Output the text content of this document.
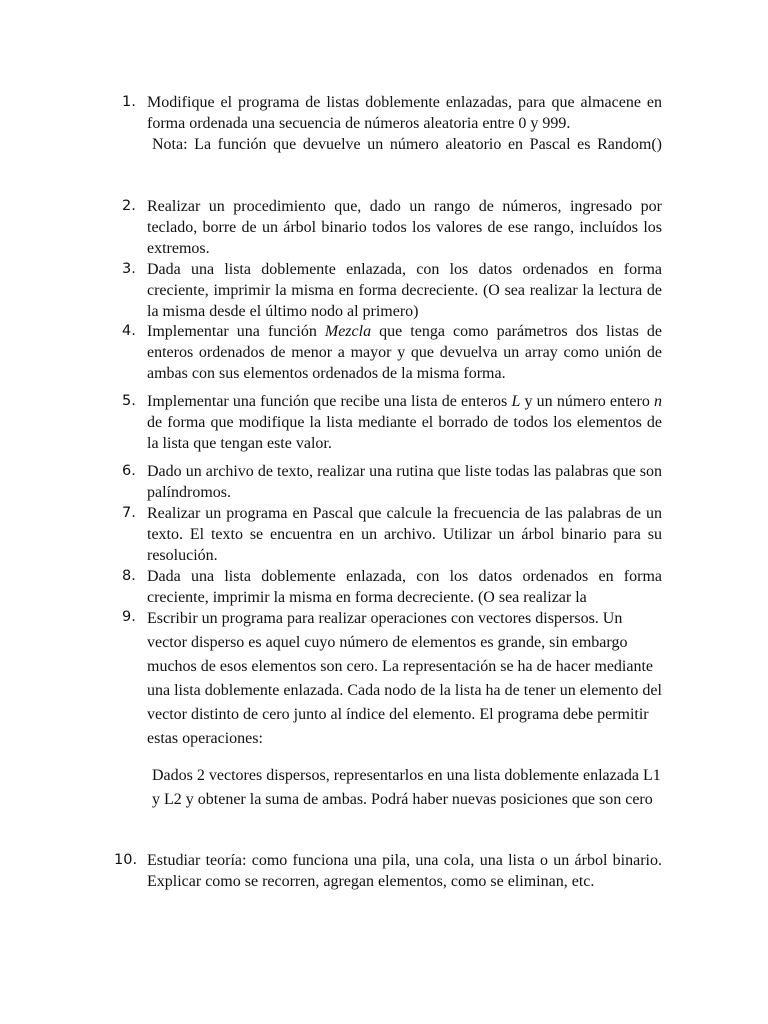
1. Modifique el programa de listas doblemente enlazadas, para que almacene en forma ordenada una secuencia de números aleatoria entre 0 y 999.
Nota: La función que devuelve un número aleatorio en Pascal es Random()
2. Realizar un procedimiento que, dado un rango de números, ingresado por teclado, borre de un árbol binario todos los valores de ese rango, incluídos los extremos.
3. Dada una lista doblemente enlazada, con los datos ordenados en forma creciente, imprimir la misma en forma decreciente. (O sea realizar la lectura de la misma desde el último nodo al primero)
4. Implementar una función Mezcla que tenga como parámetros dos listas de enteros ordenados de menor a mayor y que devuelva un array como unión de ambas con sus elementos ordenados de la misma forma.
5. Implementar una función que recibe una lista de enteros L y un número entero n de forma que modifique la lista mediante el borrado de todos los elementos de la lista que tengan este valor.
6. Dado un archivo de texto, realizar una rutina que liste todas las palabras que son palíndromos.
7. Realizar un programa en Pascal que calcule la frecuencia de las palabras de un texto. El texto se encuentra en un archivo. Utilizar un árbol binario para su resolución.
8. Dada una lista doblemente enlazada, con los datos ordenados en forma creciente, imprimir la misma en forma decreciente. (O sea realizar la
9. Escribir un programa para realizar operaciones con vectores dispersos. Un vector disperso es aquel cuyo número de elementos es grande, sin embargo muchos de esos elementos son cero. La representación se ha de hacer mediante una lista doblemente enlazada. Cada nodo de la lista ha de tener un elemento del vector distinto de cero junto al índice del elemento. El programa debe permitir estas operaciones:
Dados 2 vectores dispersos, representarlos en una lista doblemente enlazada L1 y L2 y obtener la suma de ambas. Podrá haber nuevas posiciones que son cero
10. Estudiar teoría: como funciona una pila, una cola, una lista o un árbol binario. Explicar como se recorren, agregan elementos, como se eliminan, etc.
